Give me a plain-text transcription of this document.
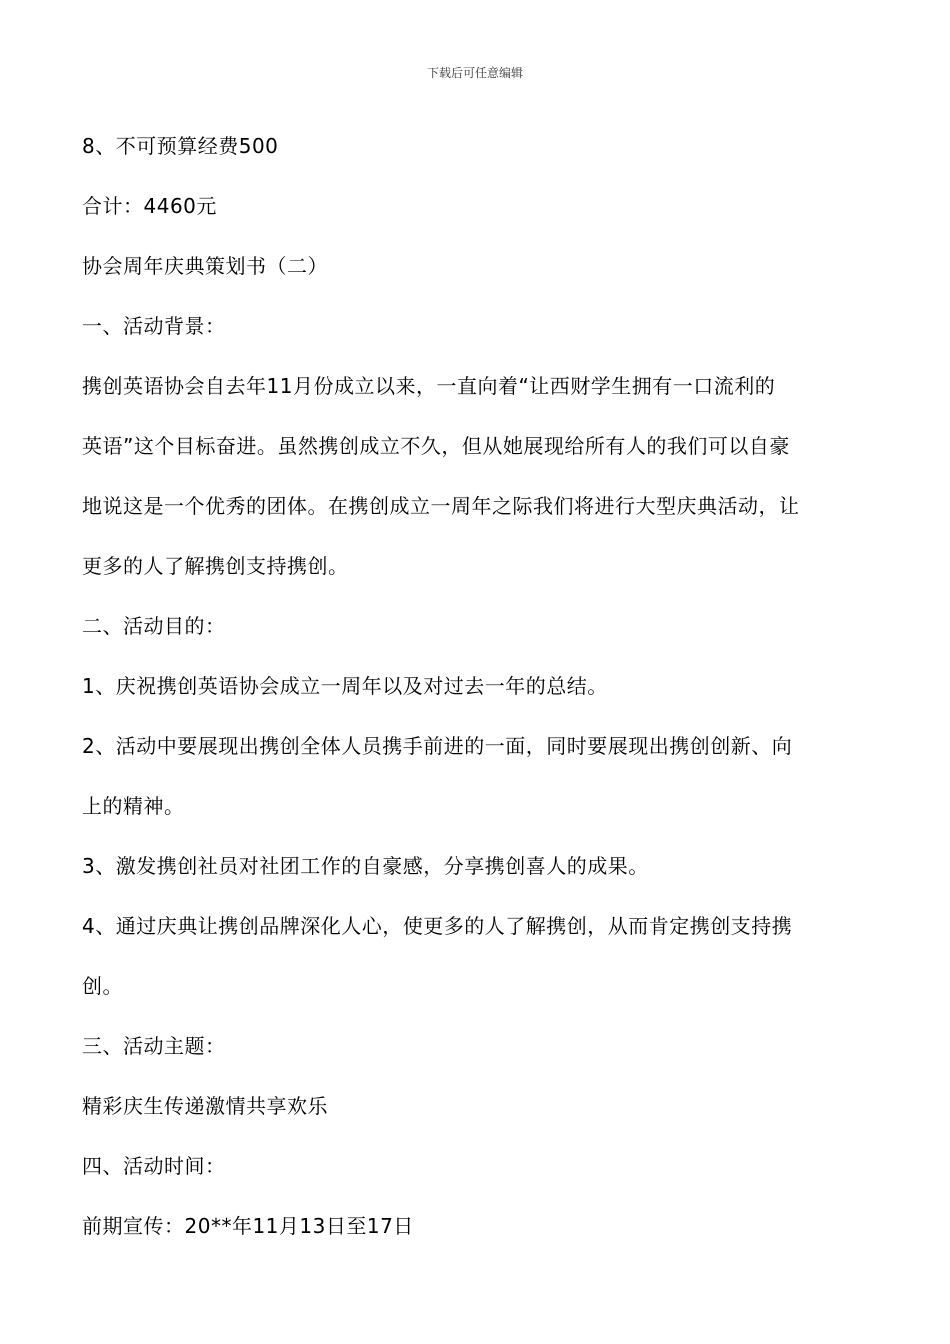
下载后可任意编辑

8、不可预算经费500

合计：4460元

协会周年庆典策划书（二）

一、活动背景：

携创英语协会自去年11月份成立以来，一直向着“让西财学生拥有一口流利的

英语”这个目标奋进。虽然携创成立不久，但从她展现给所有人的我们可以自豪

地说这是一个优秀的团体。在携创成立一周年之际我们将进行大型庆典活动，让

更多的人了解携创支持携创。

二、活动目的：

1、庆祝携创英语协会成立一周年以及对过去一年的总结。

2、活动中要展现出携创全体人员携手前进的一面，同时要展现出携创创新、向

上的精神。

3、激发携创社员对社团工作的自豪感，分享携创喜人的成果。

4、通过庆典让携创品牌深化人心，使更多的人了解携创，从而肯定携创支持携

创。

三、活动主题：

精彩庆生传递激情共享欢乐

四、活动时间：

前期宣传：20**年11月13日至17日
